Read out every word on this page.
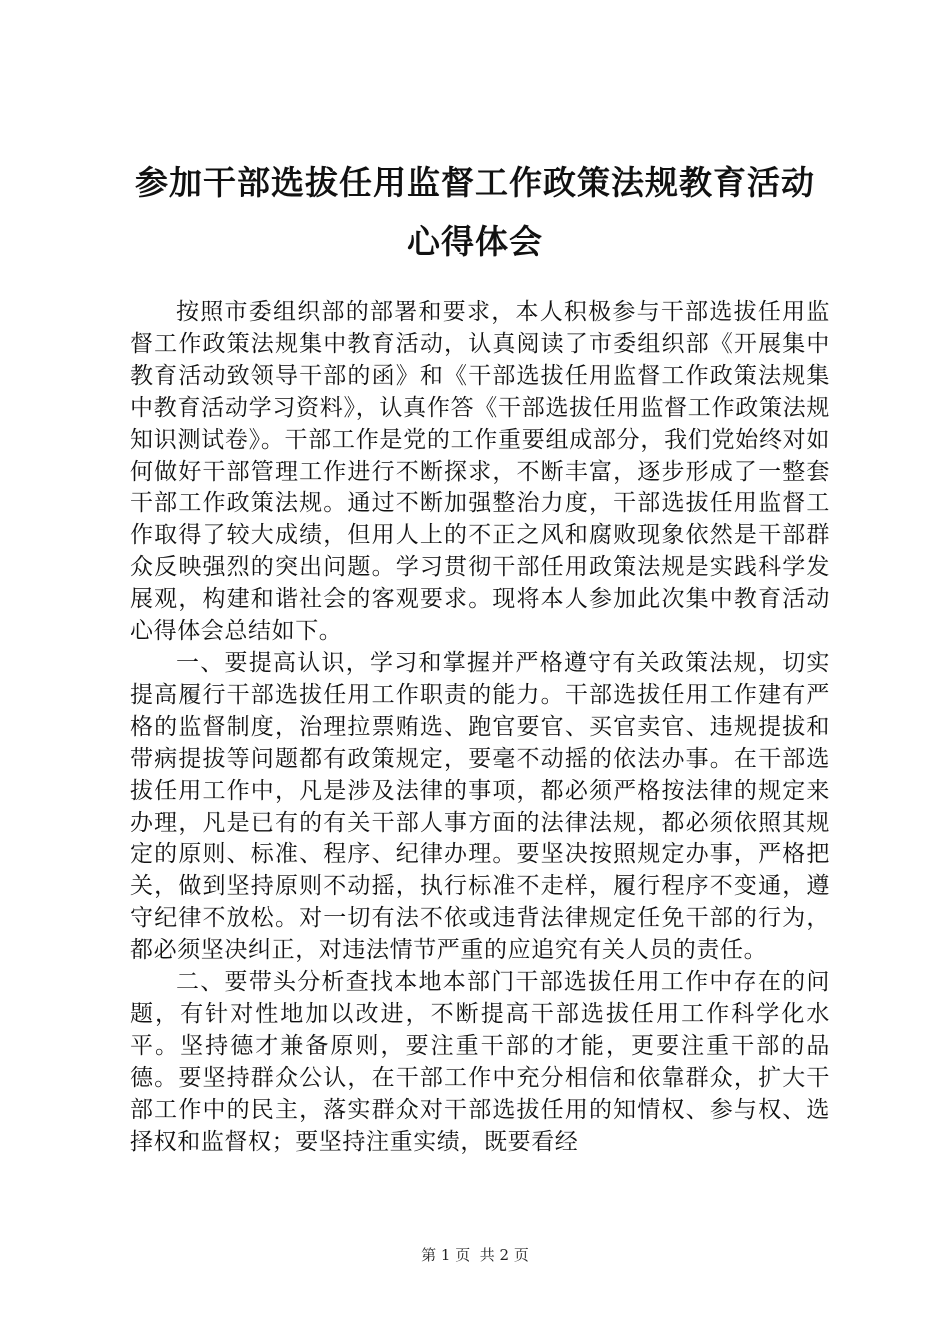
参加干部选拔任用监督工作政策法规教育活动
心得体会

按照市委组织部的部署和要求，本人积极参与干部选拔任用监督工作政策法规集中教育活动，认真阅读了市委组织部《开展集中教育活动致领导干部的函》和《干部选拔任用监督工作政策法规集中教育活动学习资料》，认真作答《干部选拔任用监督工作政策法规知识测试卷》。干部工作是党的工作重要组成部分，我们党始终对如何做好干部管理工作进行不断探求，不断丰富，逐步形成了一整套干部工作政策法规。通过不断加强整治力度，干部选拔任用监督工作取得了较大成绩，但用人上的不正之风和腐败现象依然是干部群众反映强烈的突出问题。学习贯彻干部任用政策法规是实践科学发展观，构建和谐社会的客观要求。现将本人参加此次集中教育活动心得体会总结如下。

一、要提高认识，学习和掌握并严格遵守有关政策法规，切实提高履行干部选拔任用工作职责的能力。干部选拔任用工作建有严格的监督制度，治理拉票贿选、跑官要官、买官卖官、违规提拔和带病提拔等问题都有政策规定，要毫不动摇的依法办事。在干部选拔任用工作中，凡是涉及法律的事项，都必须严格按法律的规定来办理，凡是已有的有关干部人事方面的法律法规，都必须依照其规定的原则、标准、程序、纪律办理。要坚决按照规定办事，严格把关，做到坚持原则不动摇，执行标准不走样，履行程序不变通，遵守纪律不放松。对一切有法不依或违背法律规定任免干部的行为，都必须坚决纠正，对违法情节严重的应追究有关人员的责任。

二、要带头分析查找本地本部门干部选拔任用工作中存在的问题，有针对性地加以改进，不断提高干部选拔任用工作科学化水平。坚持德才兼备原则，要注重干部的才能，更要注重干部的品德。要坚持群众公认，在干部工作中充分相信和依靠群众，扩大干部工作中的民主，落实群众对干部选拔任用的知情权、参与权、选择权和监督权；要坚持注重实绩，既要看经

第 1 页 共 2 页
